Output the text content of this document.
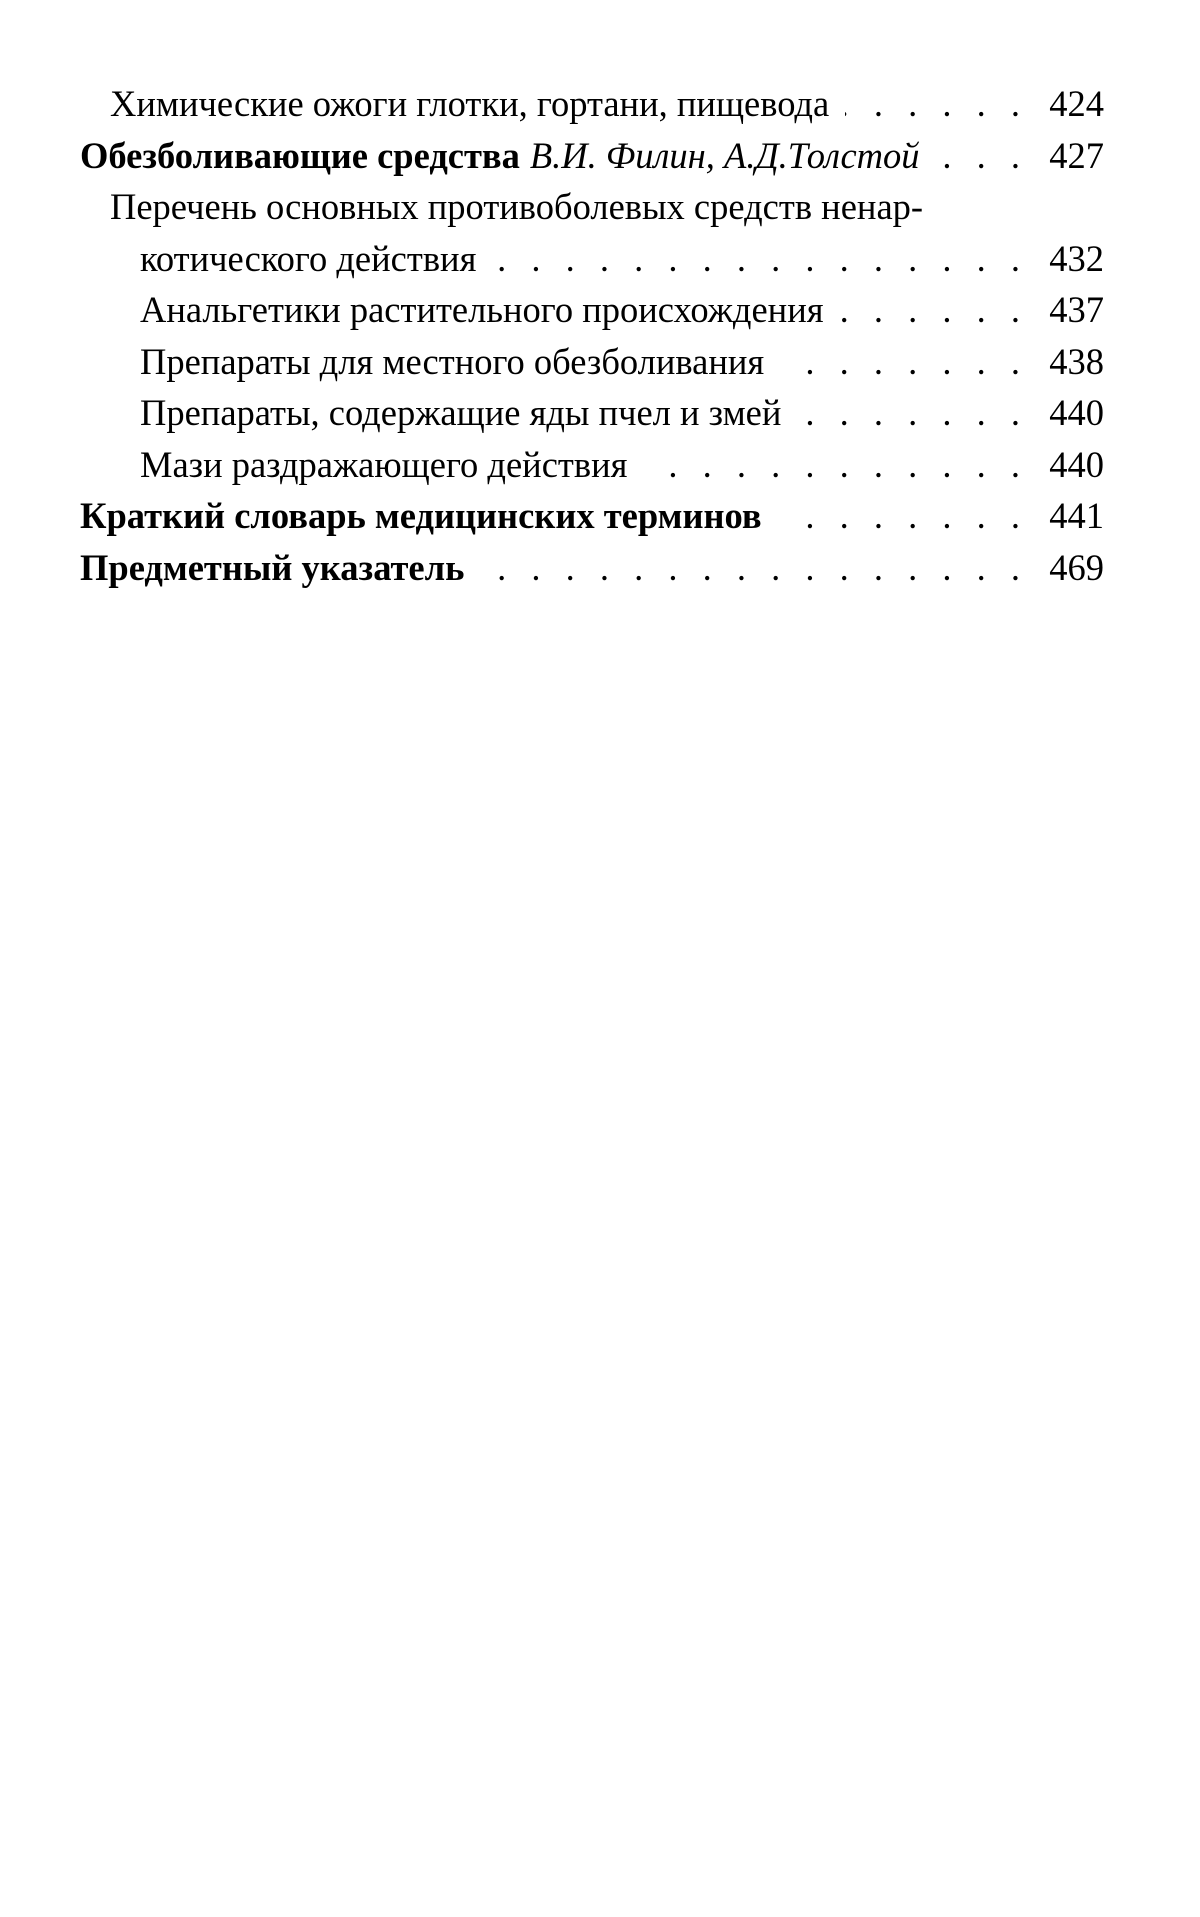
Химические ожоги глотки, гортани, пищевода . . .	424
Обезболивающие средства В.И. Филин, А.Д.Толстой . . .	427
Перечень основных противоболевых средств ненар-
котического действия . . .	432
Анальгетики растительного происхождения . . .	437
Препараты для местного обезболивания . . .	438
Препараты, содержащие яды пчел и змей . . .	440
Мази раздражающего действия . . .	440
Краткий словарь медицинских терминов . . .	441
Предметный указатель . . .	469
